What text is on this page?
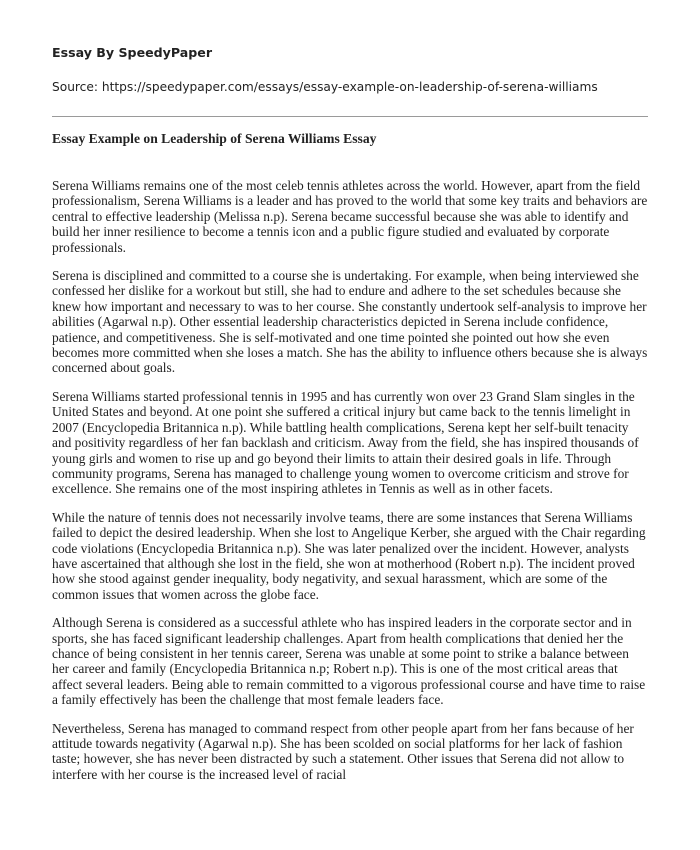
Essay By SpeedyPaper

Source: https://speedypaper.com/essays/essay-example-on-leadership-of-serena-williams

Essay Example on Leadership of Serena Williams Essay

Serena Williams remains one of the most celeb tennis athletes across the world. However, apart from the field professionalism, Serena Williams is a leader and has proved to the world that some key traits and behaviors are central to effective leadership (Melissa n.p). Serena became successful because she was able to identify and build her inner resilience to become a tennis icon and a public figure studied and evaluated by corporate professionals.

Serena is disciplined and committed to a course she is undertaking. For example, when being interviewed she confessed her dislike for a workout but still, she had to endure and adhere to the set schedules because she knew how important and necessary to was to her course. She constantly undertook self-analysis to improve her abilities (Agarwal n.p). Other essential leadership characteristics depicted in Serena include confidence, patience, and competitiveness. She is self-motivated and one time pointed she pointed out how she even becomes more committed when she loses a match. She has the ability to influence others because she is always concerned about goals.

Serena Williams started professional tennis in 1995 and has currently won over 23 Grand Slam singles in the United States and beyond. At one point she suffered a critical injury but came back to the tennis limelight in 2007 (Encyclopedia Britannica n.p). While battling health complications, Serena kept her self-built tenacity and positivity regardless of her fan backlash and criticism. Away from the field, she has inspired thousands of young girls and women to rise up and go beyond their limits to attain their desired goals in life. Through community programs, Serena has managed to challenge young women to overcome criticism and strove for excellence. She remains one of the most inspiring athletes in Tennis as well as in other facets.

While the nature of tennis does not necessarily involve teams, there are some instances that Serena Williams failed to depict the desired leadership. When she lost to Angelique Kerber, she argued with the Chair regarding code violations (Encyclopedia Britannica n.p). She was later penalized over the incident. However, analysts have ascertained that although she lost in the field, she won at motherhood (Robert n.p). The incident proved how she stood against gender inequality, body negativity, and sexual harassment, which are some of the common issues that women across the globe face.

Although Serena is considered as a successful athlete who has inspired leaders in the corporate sector and in sports, she has faced significant leadership challenges. Apart from health complications that denied her the chance of being consistent in her tennis career, Serena was unable at some point to strike a balance between her career and family (Encyclopedia Britannica n.p; Robert n.p). This is one of the most critical areas that affect several leaders. Being able to remain committed to a vigorous professional course and have time to raise a family effectively has been the challenge that most female leaders face.

Nevertheless, Serena has managed to command respect from other people apart from her fans because of her attitude towards negativity (Agarwal n.p). She has been scolded on social platforms for her lack of fashion taste; however, she has never been distracted by such a statement. Other issues that Serena did not allow to interfere with her course is the increased level of racial
